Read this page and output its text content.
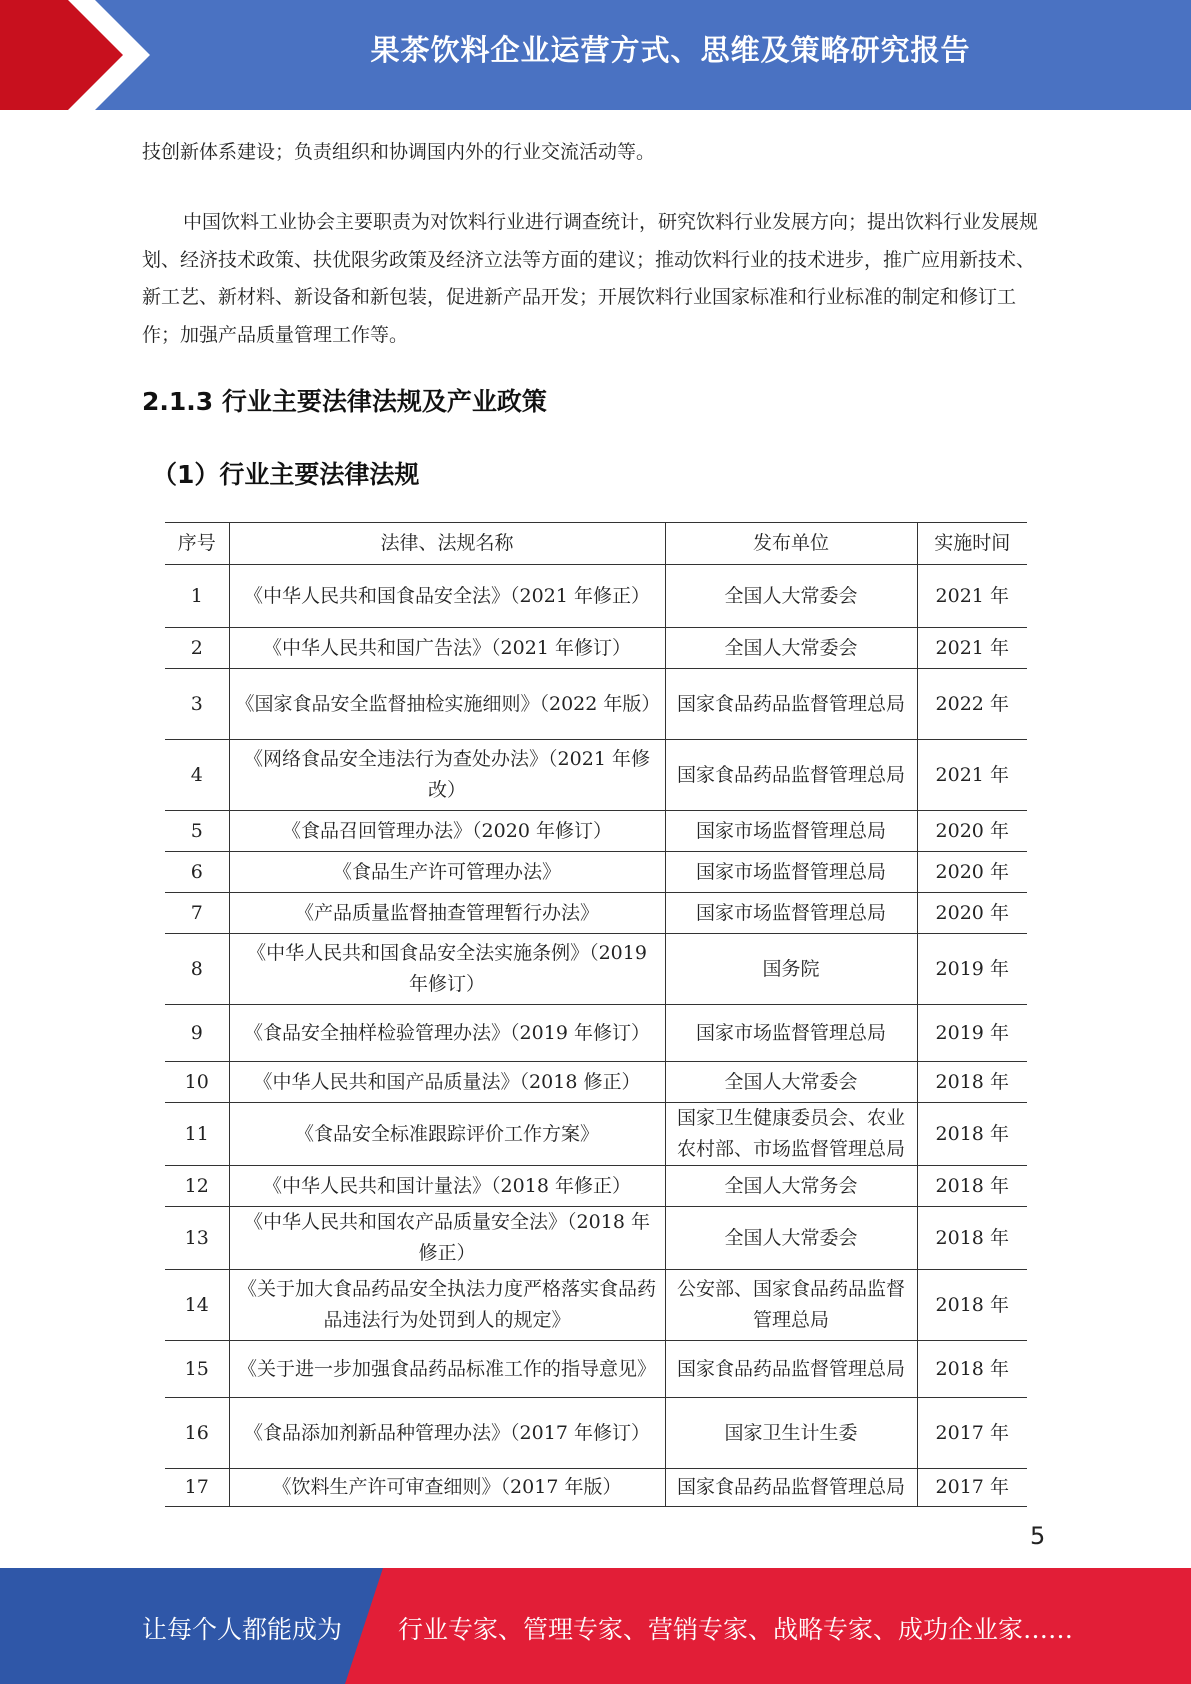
果茶饮料企业运营方式、思维及策略研究报告

技创新体系建设；负责组织和协调国内外的行业交流活动等。

中国饮料工业协会主要职责为对饮料行业进行调查统计，研究饮料行业发展方向；提出饮料行业发展规划、经济技术政策、扶优限劣政策及经济立法等方面的建议；推动饮料行业的技术进步，推广应用新技术、新工艺、新材料、新设备和新包装，促进新产品开发；开展饮料行业国家标准和行业标准的制定和修订工作；加强产品质量管理工作等。

2.1.3 行业主要法律法规及产业政策
（1）行业主要法律法规
序号	法律、法规名称	发布单位	实施时间
1	《中华人民共和国食品安全法》（2021 年修正）	全国人大常委会	2021 年
2	《中华人民共和国广告法》（2021 年修订）	全国人大常委会	2021 年
3	《国家食品安全监督抽检实施细则》（2022 年版）	国家食品药品监督管理总局	2022 年
4	《网络食品安全违法行为查处办法》（2021 年修改）	国家食品药品监督管理总局	2021 年
5	《食品召回管理办法》（2020 年修订）	国家市场监督管理总局	2020 年
6	《食品生产许可管理办法》	国家市场监督管理总局	2020 年
7	《产品质量监督抽查管理暂行办法》	国家市场监督管理总局	2020 年
8	《中华人民共和国食品安全法实施条例》（2019 年修订）	国务院	2019 年
9	《食品安全抽样检验管理办法》（2019 年修订）	国家市场监督管理总局	2019 年
10	《中华人民共和国产品质量法》（2018 修正）	全国人大常委会	2018 年
11	《食品安全标准跟踪评价工作方案》	国家卫生健康委员会、农业农村部、市场监督管理总局	2018 年
12	《中华人民共和国计量法》（2018 年修正）	全国人大常务会	2018 年
13	《中华人民共和国农产品质量安全法》（2018 年修正）	全国人大常委会	2018 年
14	《关于加大食品药品安全执法力度严格落实食品药品违法行为处罚到人的规定》	公安部、国家食品药品监督管理总局	2018 年
15	《关于进一步加强食品药品标准工作的指导意见》	国家食品药品监督管理总局	2018 年
16	《食品添加剂新品种管理办法》（2017 年修订）	国家卫生计生委	2017 年
17	《饮料生产许可审查细则》（2017 年版）	国家食品药品监督管理总局	2017 年
5
让每个人都能成为 行业专家、管理专家、营销专家、战略专家、成功企业家……
